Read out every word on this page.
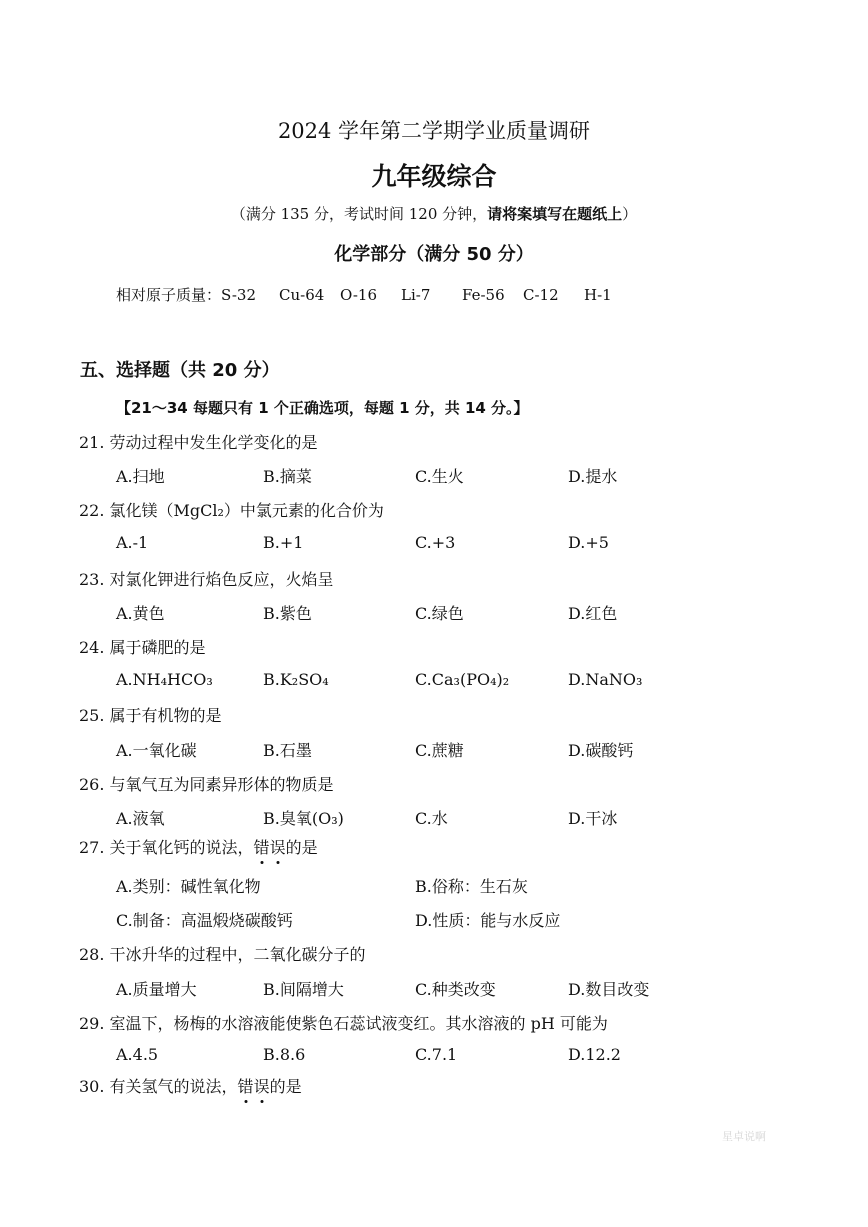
2024 学年第二学期学业质量调研
九年级综合
（满分 135 分，考试时间 120 分钟，请将案填写在题纸上）
化学部分（满分 50 分）
相对原子质量：S-32 Cu-64 O-16 Li-7 Fe-56 C-12 H-1
五、选择题（共 20 分）
【21～34 每题只有 1 个正确选项，每题 1 分，共 14 分。】
21. 劳动过程中发生化学变化的是
A.扫地	B.摘菜	C.生火	D.提水
22. 氯化镁（MgCl₂）中氯元素的化合价为
A.-1	B.+1	C.+3	D.+5
23. 对氯化钾进行焰色反应，火焰呈
A.黄色	B.紫色	C.绿色	D.红色
24. 属于磷肥的是
A.NH₄HCO₃	B.K₂SO₄	C.Ca₃(PO₄)₂	D.NaNO₃
25. 属于有机物的是
A.一氧化碳	B.石墨	C.蔗糖	D.碳酸钙
26. 与氧气互为同素异形体的物质是
A.液氧	B.臭氧(O₃)	C.水	D.干冰
27. 关于氧化钙的说法，错误的是
A.类别：碱性氧化物	B.俗称：生石灰
C.制备：高温煅烧碳酸钙	D.性质：能与水反应
28. 干冰升华的过程中，二氧化碳分子的
A.质量增大	B.间隔增大	C.种类改变	D.数目改变
29. 室温下，杨梅的水溶液能使紫色石蕊试液变红。其水溶液的 pH 可能为
A.4.5	B.8.6	C.7.1	D.12.2
30. 有关氢气的说法，错误的是
星卓说啊
